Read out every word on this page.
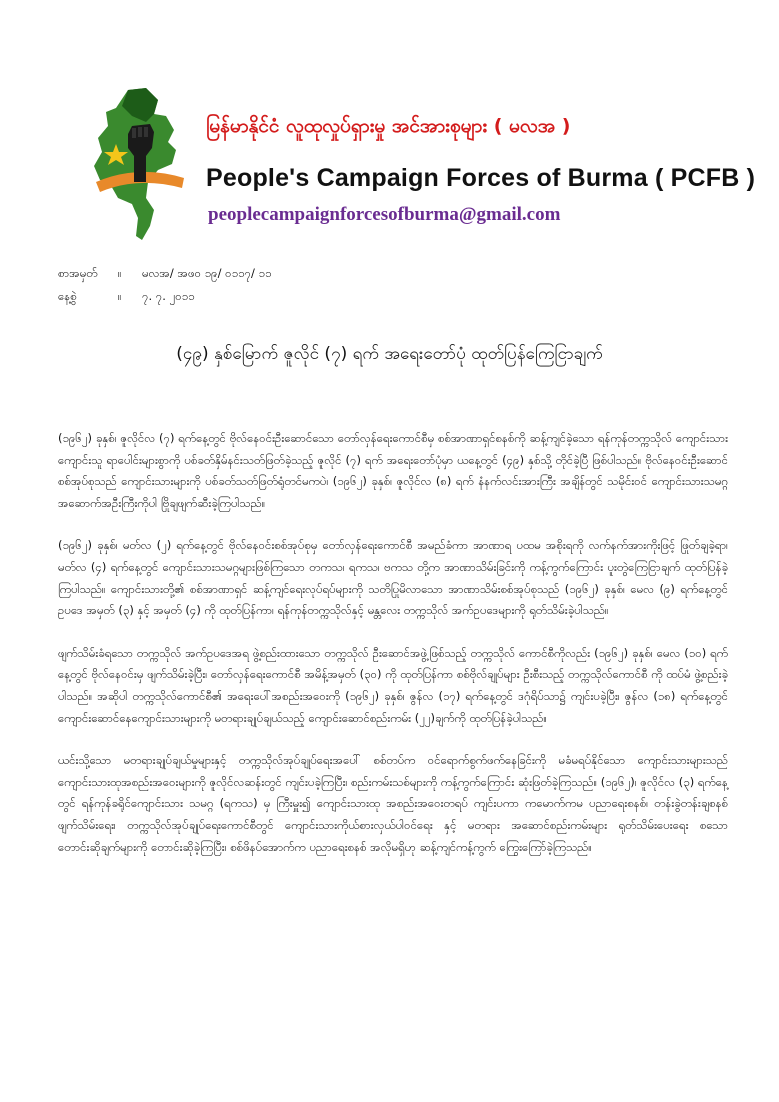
မြန်မာနိုင်ငံ လူထုလှုပ်ရှားမှု အင်အားစုများ ( မလအ )
People's Campaign Forces of Burma ( PCFB )
peoplecampaignforcesofburma@gmail.com
စာအမှတ်	။	မလအ/ အဖဝ ၁၉/ ၀၁၁၇/ ၁၁
နေ့စွဲ	။	၇. ၇. ၂၀၁၁
(၄၉) နှစ်မြောက် ဇူလိုင် (၇) ရက် အရေးတော်ပုံ ထုတ်ပြန်ကြေငြာချက်

(၁၉၆၂) ခုနှစ်၊ ဇူလိုင်လ (၇) ရက်နေ့တွင် ဗိုလ်နေဝင်းဦးဆောင်သော တော်လှန်ရေးကောင်စီမှ စစ်အာဏာရှင်စနစ်ကို ဆန့်ကျင်ခဲ့သော ရန်ကုန်တက္ကသိုလ် ကျောင်းသားကျောင်းသူ ရာပေါင်းများစွာကို ပစ်ခတ်နှိမ်နင်းသတ်ဖြတ်ခဲ့သည့် ဇူလိုင် (၇) ရက် အရေးတော်ပုံမှာ ယနေ့တွင် (၄၉) နှစ်သို့ တိုင်ခဲ့ပြီ ဖြစ်ပါသည်။ ဗိုလ်နေဝင်းဦးဆောင် စစ်အုပ်စုသည် ကျောင်းသားများကို ပစ်ခတ်သတ်ဖြတ်ရုံတင်မကပဲ၊ (၁၉၆၂) ခုနှစ်၊ ဇူလိုင်လ (၈) ရက် နံနက်လင်းအားကြီး အချိန်တွင် သမိုင်းဝင် ကျောင်းသားသမဂ္ဂ အဆောက်အဦးကြီးကိုပါ ဗြိုချဖျက်ဆီးခဲ့ကြပါသည်။

(၁၉၆၂) ခုနှစ်၊ မတ်လ (၂) ရက်နေ့တွင် ဗိုလ်နေဝင်းစစ်အုပ်စုမှ တော်လှန်ရေးကောင်စီ အမည်ခံကာ အာဏာရ ပထမ အစိုးရကို လက်နက်အားကိုးဖြင့် ဖြုတ်ချခဲ့ရာ၊ မတ်လ (၄) ရက်နေ့တွင် ကျောင်းသားသမဂ္ဂများဖြစ်ကြသော တကသ၊ ရကသ၊ ဗကသ တို့က အာဏာသိမ်းခြင်းကို ကန့်ကွက်ကြောင်း ပူးတွဲကြေငြာချက် ထုတ်ပြန်ခဲ့ကြပါသည်။ ကျောင်းသားတို့၏ စစ်အာဏာရှင် ဆန့်ကျင်ရေးလုပ်ရပ်များကို သတိပြုမိလာသော အာဏာသိမ်းစစ်အုပ်စုသည် (၁၉၆၂) ခုနှစ်၊ မေလ (၉) ရက်နေ့တွင် ဥပဒေ အမှတ် (၃) နှင့် အမှတ် (၄) ကို ထုတ်ပြန်ကာ၊ ရန်ကုန်တက္ကသိုလ်နှင့် မန္တလေး တက္ကသိုလ် အက်ဥပဒေများကို ရုတ်သိမ်းခဲ့ပါသည်။

ဖျက်သိမ်းခံရသော တက္ကသိုလ် အက်ဥပဒေအရ ဖွဲ့စည်းထားသော တက္ကသိုလ် ဦးဆောင်အဖွဲ့ဖြစ်သည့် တက္ကသိုလ် ကောင်စီကိုလည်း (၁၉၆၂) ခုနှစ်၊ မေလ (၁၀) ရက်နေ့တွင် ဗိုလ်နေဝင်းမှ ဖျက်သိမ်းခဲ့ပြီး၊ တော်လှန်ရေးကောင်စီ အမိန့်အမှတ် (၃၀) ကို ထုတ်ပြန်ကာ စစ်ဗိုလ်ချုပ်များ ဦးစီးသည့် တက္ကသိုလ်ကောင်စီ ကို ထပ်မံ ဖွဲ့စည်းခဲ့ပါသည်။ အဆိုပါ တက္ကသိုလ်ကောင်စီ၏ အရေးပေါ်အစည်းအဝေးကို (၁၉၆၂) ခုနှစ်၊ ဇွန်လ (၁၇) ရက်နေ့တွင် ဒဂုံရိပ်သာ၌ ကျင်းပခဲ့ပြီး၊ ဇွန်လ (၁၈) ရက်နေ့တွင် ကျောင်းဆောင်နေကျောင်းသားများကို မတရားချုပ်ချယ်သည့် ကျောင်းဆောင်စည်းကမ်း (၂၂)ချက်ကို ထုတ်ပြန်ခဲ့ပါသည်။

ယင်းသို့သော မတရားချုပ်ချယ်မှုများနှင့် တက္ကသိုလ်အုပ်ချုပ်ရေးအပေါ် စစ်တပ်က ဝင်ရောက်စွက်ဖက်နေခြင်းကို မခံမရပ်နိုင်သော ကျောင်းသားများသည် ကျောင်းသားထုအစည်းအဝေးများကို ဇူလိုင်လဆန်းတွင် ကျင်းပခဲ့ကြပြီး၊ စည်းကမ်းသစ်များကို ကန့်ကွက်ကြောင်း ဆုံးဖြတ်ခဲ့ကြသည်။ (၁၉၆၂)၊ ဇူလိုင်လ (၃) ရက်နေ့တွင် ရန်ကုန်ခရိုင်ကျောင်းသား သမဂ္ဂ (ရကသ) မှ ကြီးမှူး၍ ကျောင်းသားထု အစည်းအဝေးတရပ် ကျင်းပကာ ကမောက်ကမ ပညာရေးစနစ်၊ တန်းခွဲတန်းချစနစ် ဖျက်သိမ်းရေး၊ တက္ကသိုလ်အုပ်ချုပ်ရေးကောင်စီတွင် ကျောင်းသားကိုယ်စားလှယ်ပါဝင်ရေး နှင့် မတရား အဆောင်စည်းကမ်းများ ရုတ်သိမ်းပေးရေး စသော တောင်းဆိုချက်များကို တောင်းဆိုခဲ့ကြပြီး၊ စစ်ဖိနပ်အောက်က ပညာရေးစနစ် အလိုမရှိဟု ဆန့်ကျင်ကန့်ကွက် ကြွေးကြော်ခဲ့ကြသည်။
